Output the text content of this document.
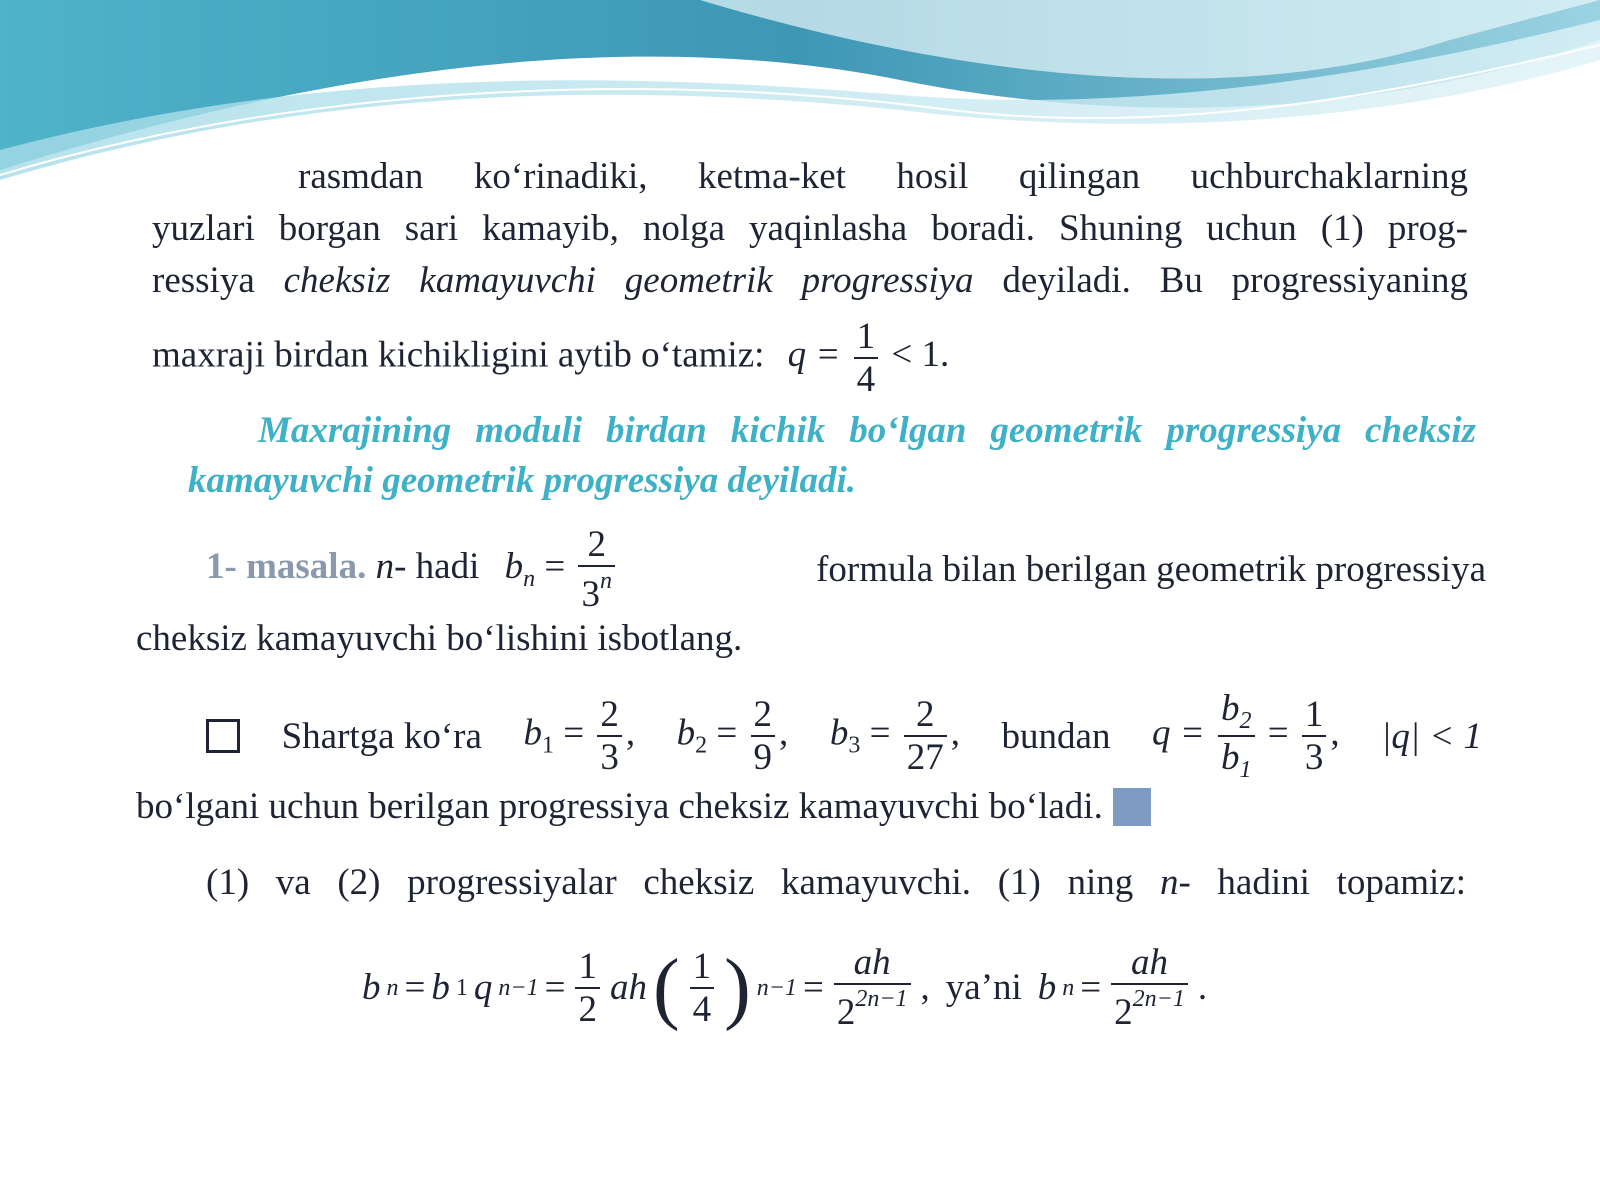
rasmdan ko‘rinadiki, ketma-ket hosil qilingan uchburchaklarning
yuzlari borgan sari kamayib, nolga yaqinlasha boradi. Shuning uchun (1) prog-
ressiya cheksiz kamayuvchi geometrik progressiya deyiladi. Bu progressiyaning
maxraji birdan kichikligini aytib o‘tamiz: $q = \frac{1}{4} < 1$.
Maxrajining moduli birdan kichik bo‘lgan geometrik progressiya cheksiz
kamayuvchi geometrik progressiya deyiladi.
1- masala. n- hadi $b_n = \frac{2}{3^n}$	formula bilan berilgan geometrik progressiya
cheksiz kamayuvchi bo‘lishini isbotlang.
Shartga ko‘ra $b_1 = \frac{2}{3}$ , $b_2 = \frac{2}{9}$ , $b_3 = \frac{2}{27}$ , bundan $q = \frac{b_2}{b_1} = \frac{1}{3}$ , |q| < 1
bo‘lgani uchun berilgan progressiya cheksiz kamayuvchi bo‘ladi.
(1) va (2) progressiyalar cheksiz kamayuvchi. (1) ning n- hadini topamiz:
b n = b 1 q $n-1 = \frac{1}{2}$ ah ( $\frac{1}{4}$ ) $n-1 = \frac{ah}{2^{2n-1}}$ , ya’ni b $n = \frac{ah}{2^{2n-1}}$ .
